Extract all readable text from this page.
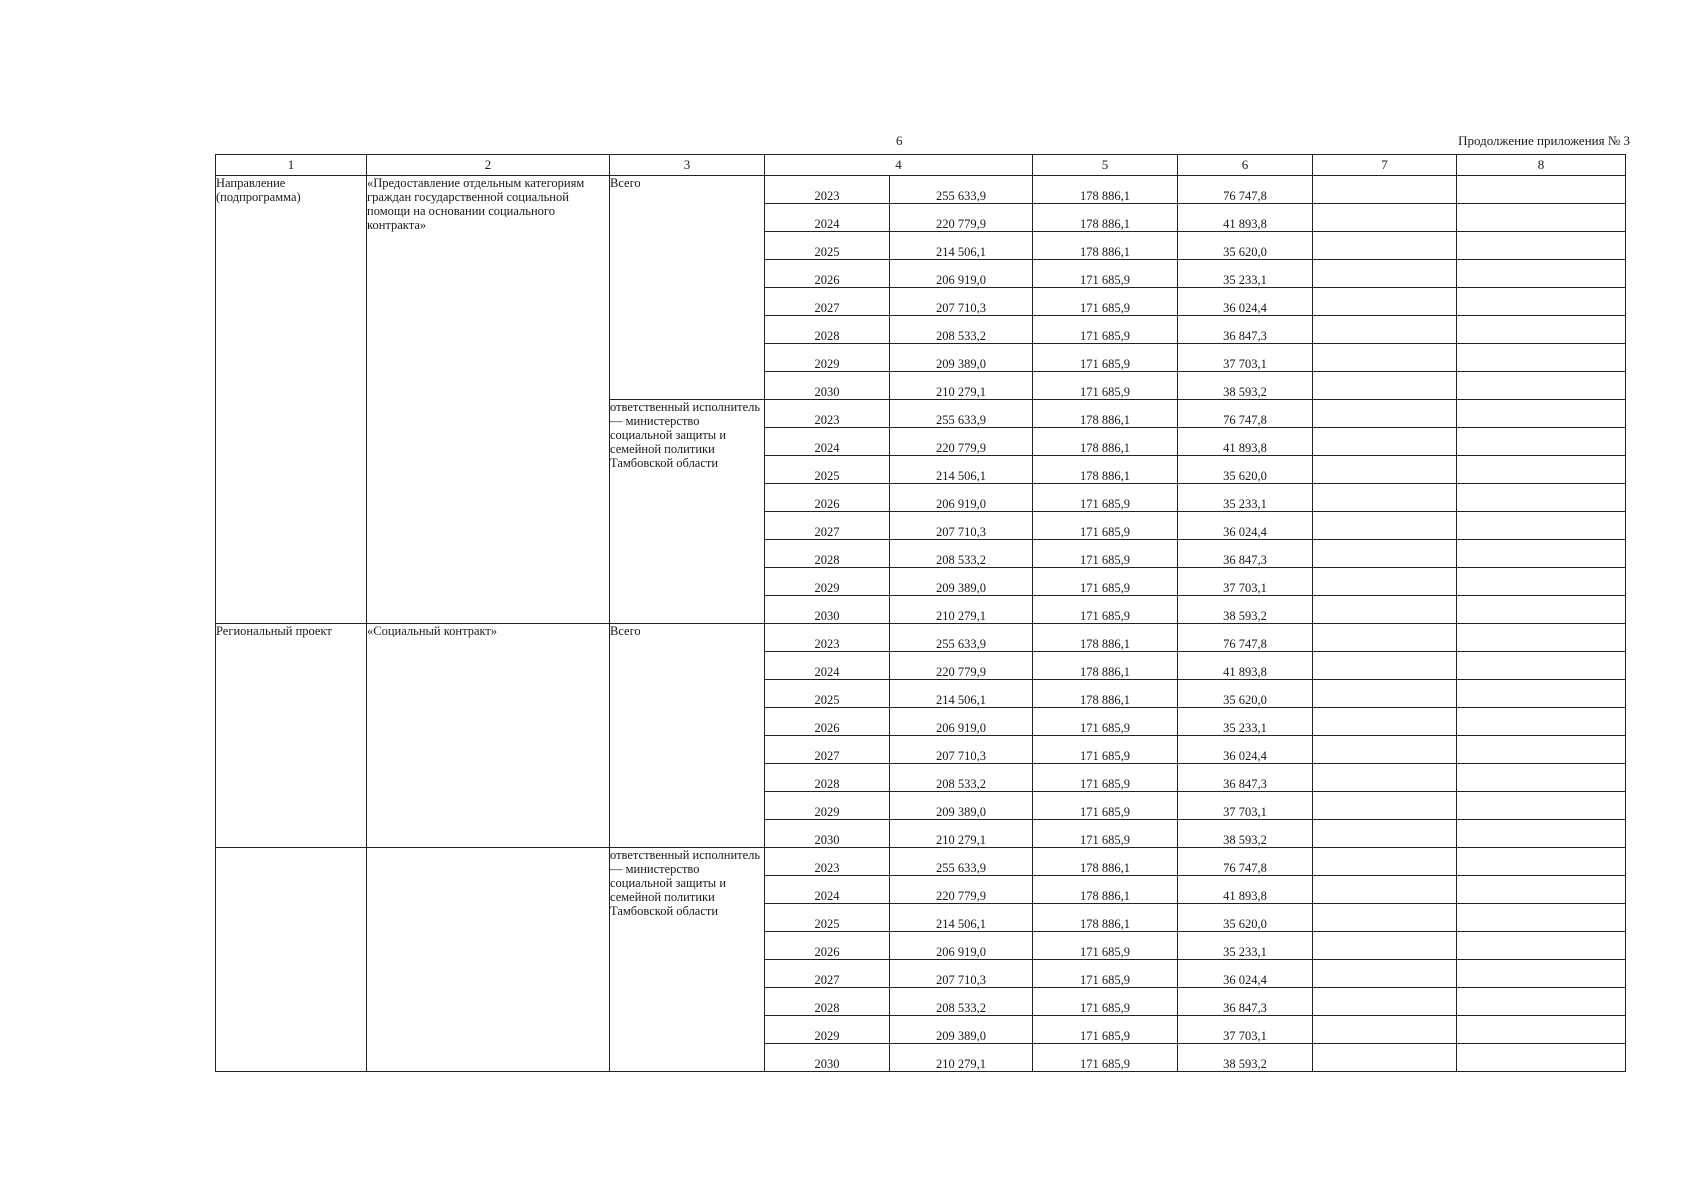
6	Продолжение приложения № 3
1	2	3	4		5	6	7	8
Направление (подпрограмма)	«Предоставление отдельным категориям граждан государственной социальной помощи на основании социального контракта»	Всего	2023	255 633,9	178 886,1	76 747,8		
			2024	220 779,9	178 886,1	41 893,8		
			2025	214 506,1	178 886,1	35 620,0		
			2026	206 919,0	171 685,9	35 233,1		
			2027	207 710,3	171 685,9	36 024,4		
			2028	208 533,2	171 685,9	36 847,3		
			2029	209 389,0	171 685,9	37 703,1		
			2030	210 279,1	171 685,9	38 593,2		
		ответственный исполнитель — министерство социальной защиты и семейной политики Тамбовской области	2023	255 633,9	178 886,1	76 747,8		
			2024	220 779,9	178 886,1	41 893,8		
			2025	214 506,1	178 886,1	35 620,0		
			2026	206 919,0	171 685,9	35 233,1		
			2027	207 710,3	171 685,9	36 024,4		
			2028	208 533,2	171 685,9	36 847,3		
			2029	209 389,0	171 685,9	37 703,1		
			2030	210 279,1	171 685,9	38 593,2		
Региональный проект	«Социальный контракт»	Всего	2023	255 633,9	178 886,1	76 747,8		
			2024	220 779,9	178 886,1	41 893,8		
			2025	214 506,1	178 886,1	35 620,0		
			2026	206 919,0	171 685,9	35 233,1		
			2027	207 710,3	171 685,9	36 024,4		
			2028	208 533,2	171 685,9	36 847,3		
			2029	209 389,0	171 685,9	37 703,1		
			2030	210 279,1	171 685,9	38 593,2		
		ответственный исполнитель — министерство социальной защиты и семейной политики Тамбовской области	2023	255 633,9	178 886,1	76 747,8		
			2024	220 779,9	178 886,1	41 893,8		
			2025	214 506,1	178 886,1	35 620,0		
			2026	206 919,0	171 685,9	35 233,1		
			2027	207 710,3	171 685,9	36 024,4		
			2028	208 533,2	171 685,9	36 847,3		
			2029	209 389,0	171 685,9	37 703,1		
			2030	210 279,1	171 685,9	38 593,2		
